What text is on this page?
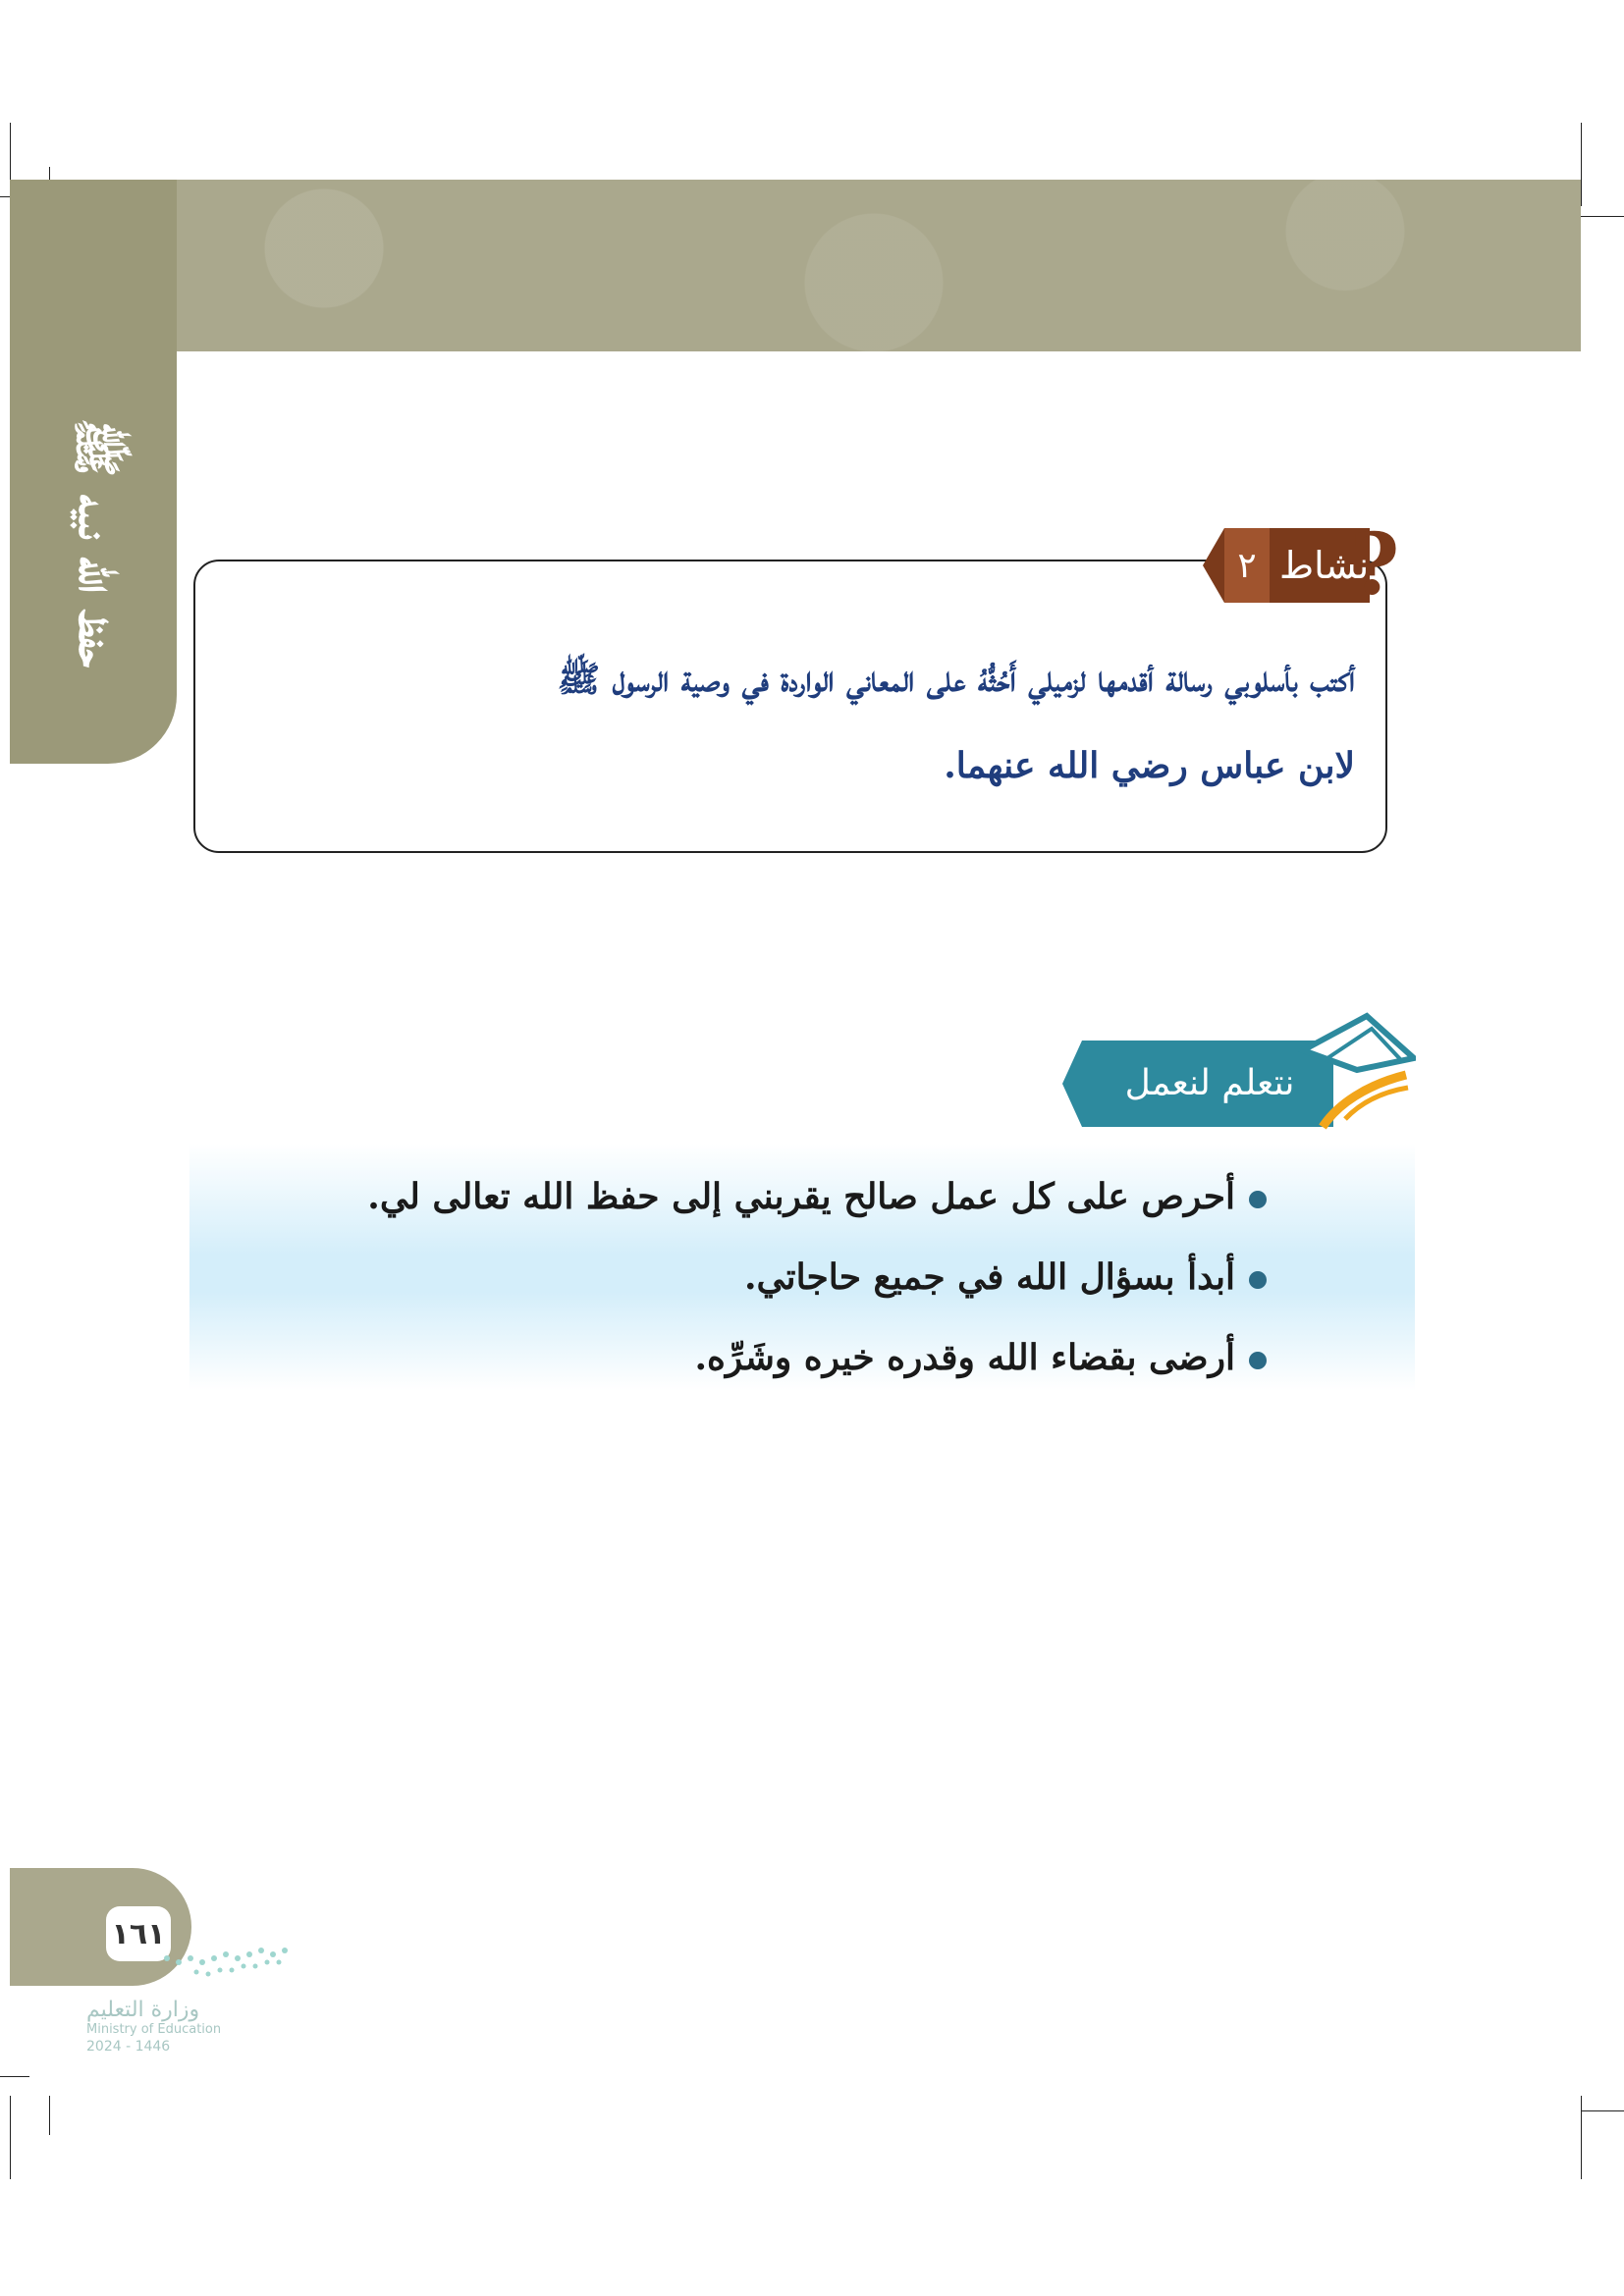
حفظ الله نبيه ﷺ	٢ نشاط
?
أكتب بأسلوبي رسالة أقدمها لزميلي أَحُثُّهُ على المعاني الواردة في وصية الرسول ﷺ
لابن عباس رضي الله عنهما.
نتعلم لنعمل
أحرص على كل عمل صالح يقربني إلى حفظ الله تعالى لي.
أبدأ بسؤال الله في جميع حاجاتي.
أرضى بقضاء الله وقدره خيره وشَرِّه.
١٦١
وزارة التعليم
Ministry of Education
2024 - 1446
